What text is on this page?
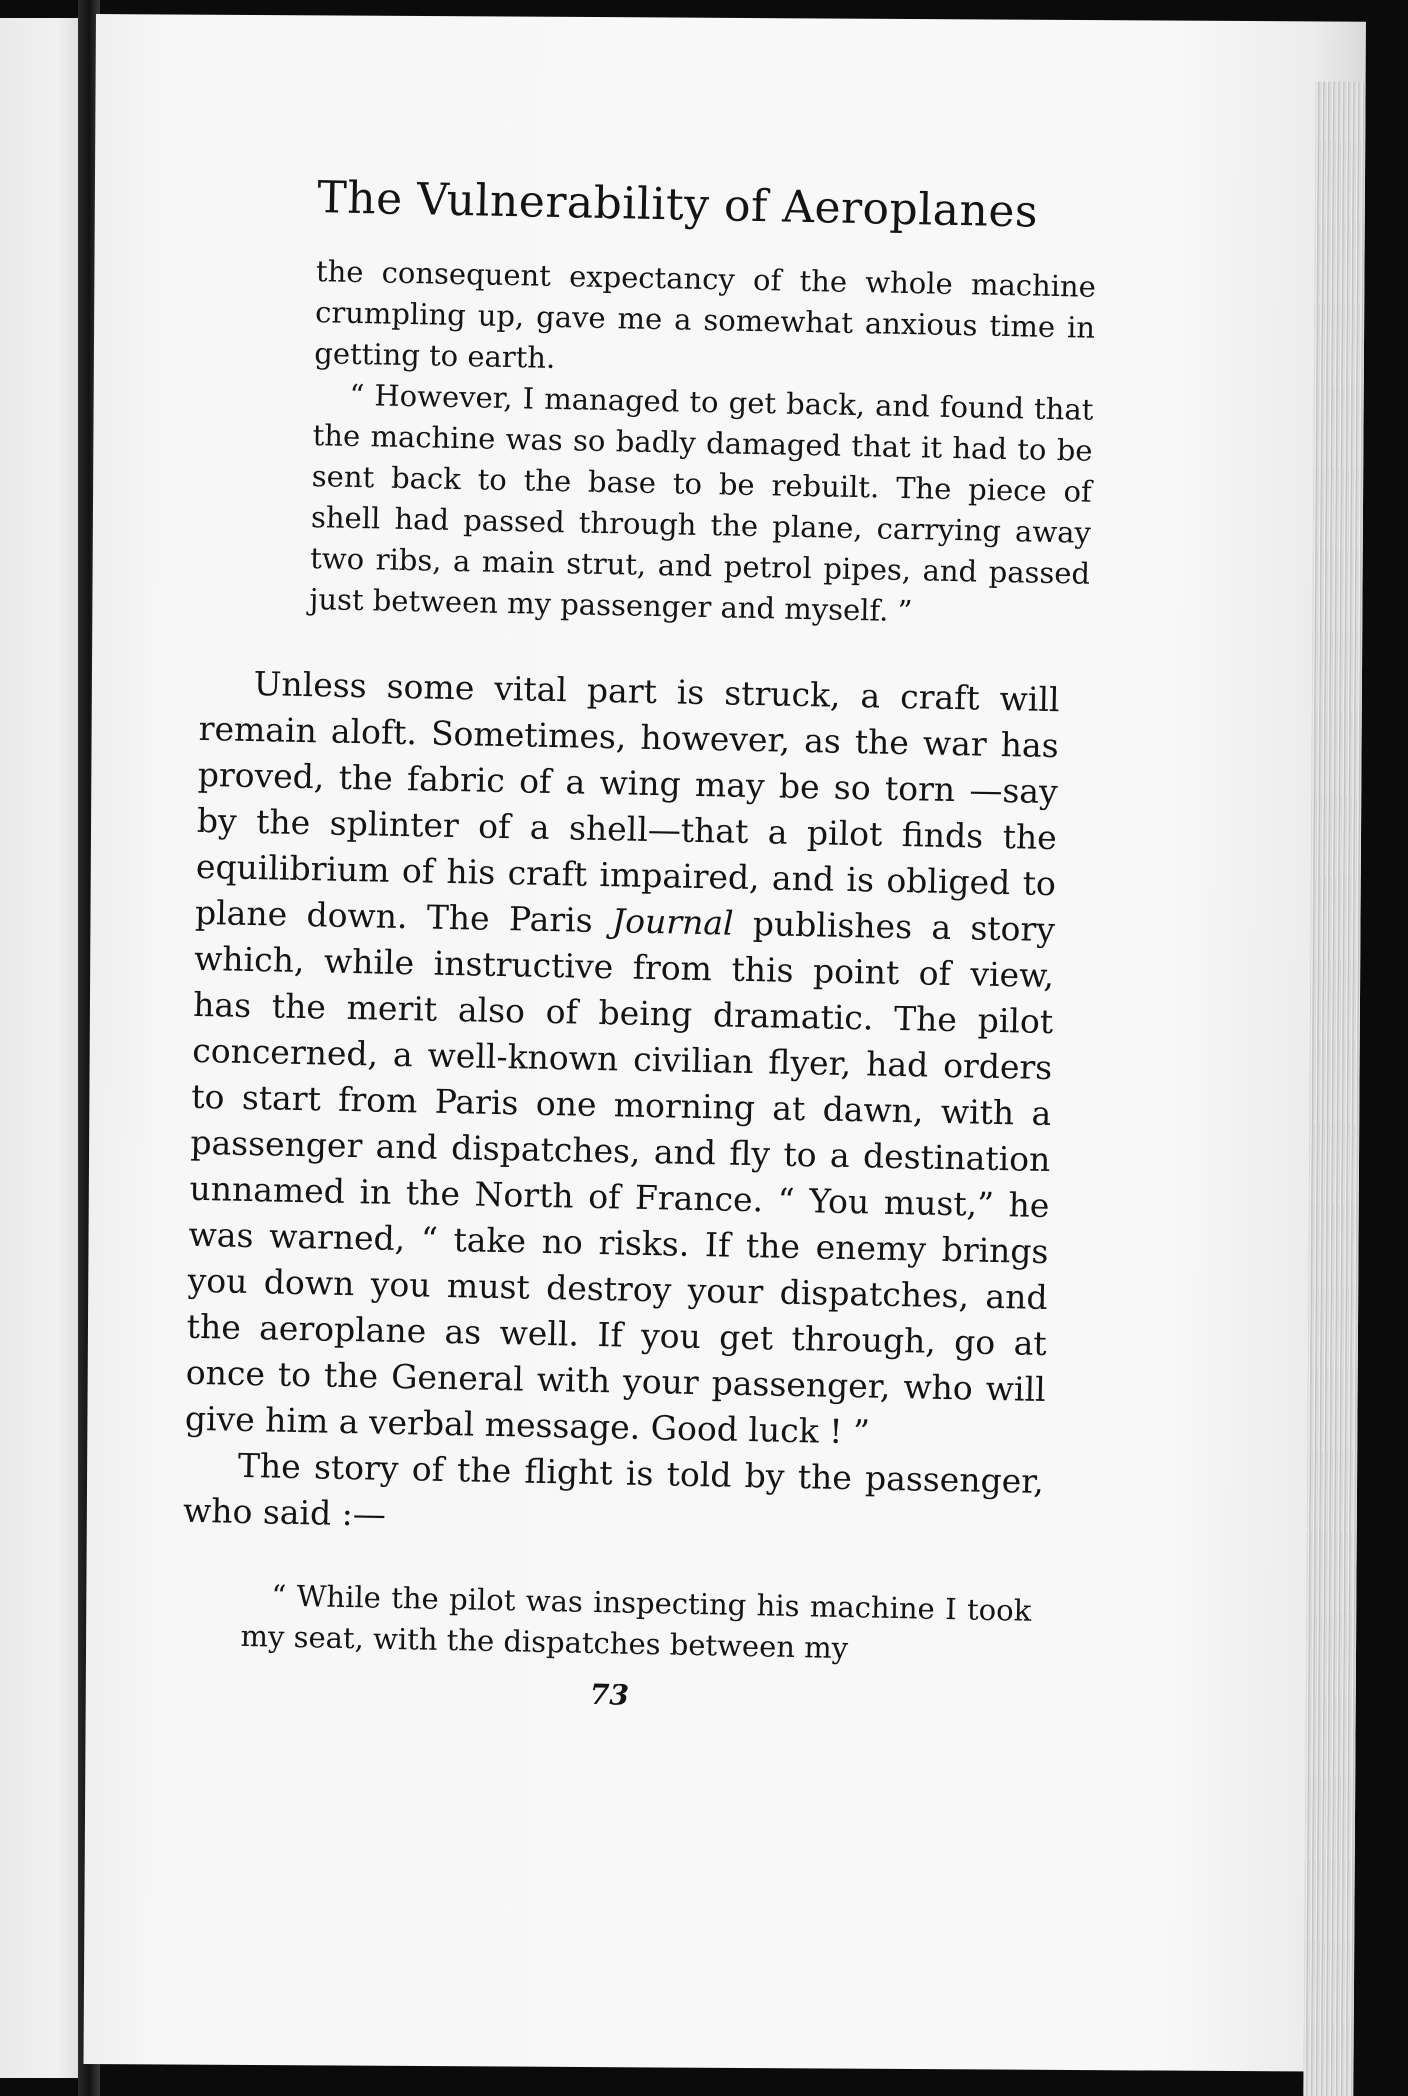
The Vulnerability of Aeroplanes

the consequent expectancy of the whole machine crumpling up, gave me a somewhat anxious time in getting to earth.

“ However, I managed to get back, and found that the machine was so badly damaged that it had to be sent back to the base to be rebuilt. The piece of shell had passed through the plane, carrying away two ribs, a main strut, and petrol pipes, and passed just between my passenger and myself. ”

Unless some vital part is struck, a craft will remain aloft. Sometimes, however, as the war has proved, the fabric of a wing may be so torn —say by the splinter of a shell—that a pilot finds the equilibrium of his craft impaired, and is obliged to plane down. The Paris Journal publishes a story which, while instructive from this point of view, has the merit also of being dramatic. The pilot concerned, a well-known civilian flyer, had orders to start from Paris one morning at dawn, with a passenger and dispatches, and fly to a destination unnamed in the North of France. “ You must,” he was warned, “ take no risks. If the enemy brings you down you must destroy your dispatches, and the aeroplane as well. If you get through, go at once to the General with your passenger, who will give him a verbal message. Good luck ! ”

The story of the flight is told by the passenger, who said :—

“ While the pilot was inspecting his machine I took my seat, with the dispatches between my

73
